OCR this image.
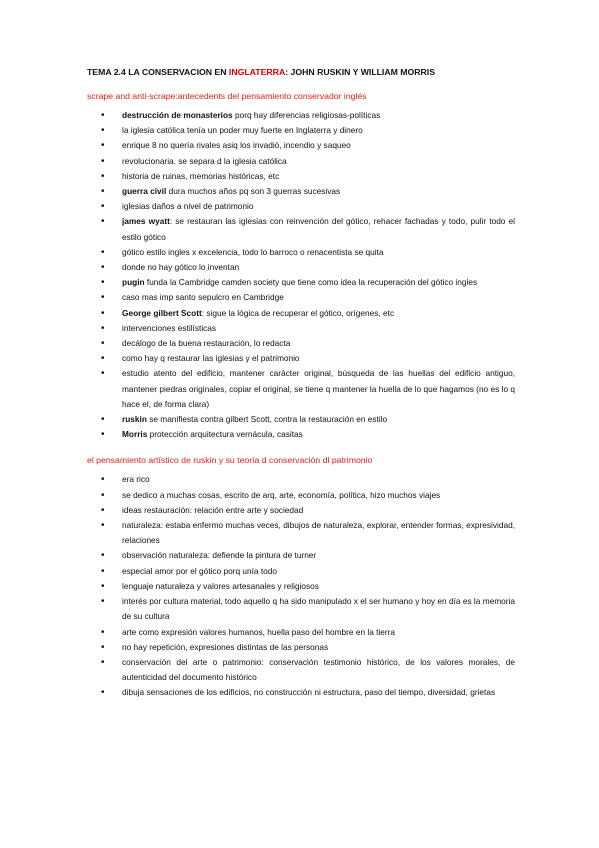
TEMA 2.4 LA CONSERVACION EN INGLATERRA: JOHN RUSKIN Y WILLIAM MORRIS
scrape and anti-scrape:antecedents del pensamiento conservador inglés
• destrucción de monasterios porq hay diferencias religiosas-políticas
• la iglesia católica tenía un poder muy fuerte en Inglaterra y dinero
• enrique 8 no quería rivales asiq los invadió, incendio y saqueo
• revolucionaria. se separa d la iglesia católica
• historia de ruinas, memorias históricas, etc
• guerra civil dura muchos años pq son 3 guerras sucesivas
• iglesias daños a nivel de patrimonio
• james wyatt: se restauran las iglesias con reinvención del gótico, rehacer fachadas y todo, pulir todo el estilo gótico
• gótico estilo ingles x excelencia, todo lo barroco o renacentista se quita
• donde no hay gótico lo inventan
• pugin funda la Cambridge camden society que tiene como idea la recuperación del gótico ingles
• caso mas imp santo sepulcro en Cambridge
• George gilbert Scott: sigue la lógica de recuperar el gótico, orígenes, etc
• intervenciones estilísticas
• decálogo de la buena restauración, lo redacta
• como hay q restaurar las iglesias y el patrimonio
• estudio atento del edificio, mantener carácter original, búsqueda de las huellas del edificio antiguo, mantener piedras originales, copiar el original, se tiene q mantener la huella de lo que hagamos (no es lo q hace el, de forma clara)
• ruskin se manifiesta contra gilbert Scott, contra la restauración en estilo
• Morris protección arquitectura vernácula, casitas
el pensamiento artístico de ruskin y su teoría d conservación dl patrimonio
• era rico
• se dedico a muchas cosas, escrito de arq, arte, economía, política, hizo muchos viajes
• ideas restauración: relación entre arte y sociedad
• naturaleza: estaba enfermo muchas veces, dibujos de naturaleza, explorar, entender formas, expresividad, relaciones
• observación naturaleza: defiende la pintura de turner
• especial amor por el gótico porq unía todo
• lenguaje naturaleza y valores artesanales y religiosos
• interés por cultura material, todo aquello q ha sido manipulado x el ser humano y hoy en día es la memoria de su cultura
• arte como expresión valores humanos, huella paso del hombre en la tierra
• no hay repetición, expresiones distintas de las personas
• conservación del arte o patrimonio: conservación testimonio histórico, de los valores morales, de autenticidad del documento histórico
• dibuja sensaciones de los edificios, no construcción ni estructura, paso del tiempo, diversidad, grietas
